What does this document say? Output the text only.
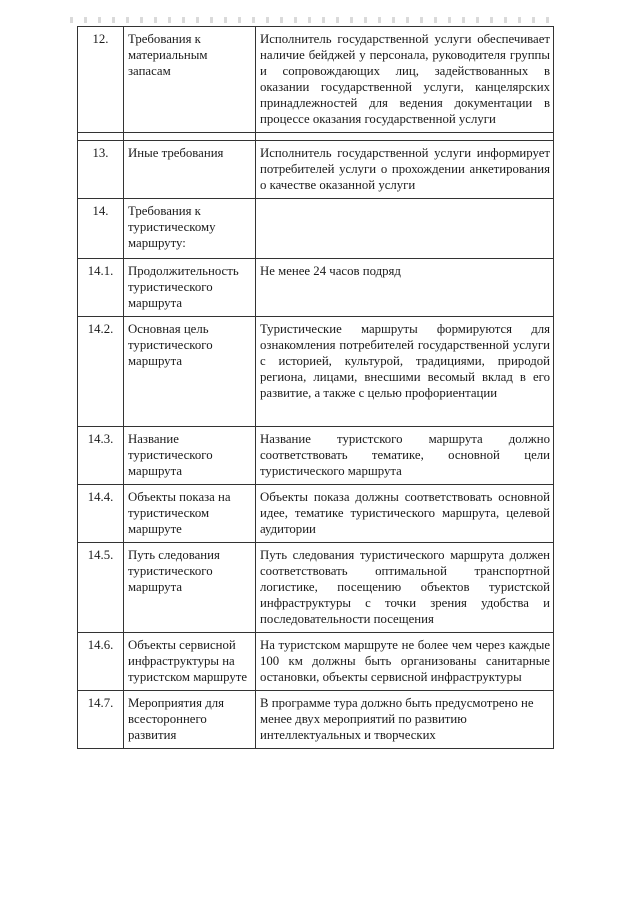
12.	Требования к материальным запасам	Исполнитель государственной услуги обеспечивает наличие бейджей у персонала, руководителя группы и сопровождающих лиц, задействованных в оказании государственной услуги, канцелярских принадлежностей для ведения документации в процессе оказания государственной услуги

13.	Иные требования	Исполнитель государственной услуги информирует потребителей услуги о прохождении анкетирования о качестве оказанной услуги
14.	Требования к туристическому маршруту:	
14.1.	Продолжительность туристического маршрута	Не менее 24 часов подряд
14.2.	Основная цель туристического маршрута	Туристические маршруты формируются для ознакомления потребителей государственной услуги с историей, культурой, традициями, природой региона, лицами, внесшими весомый вклад в его развитие, а также с целью профориентации
14.3.	Название туристического маршрута	Название туристского маршрута должно соответствовать тематике, основной цели туристического маршрута
14.4.	Объекты показа на туристическом маршруте	Объекты показа должны соответствовать основной идее, тематике туристического маршрута, целевой аудитории
14.5.	Путь следования туристического маршрута	Путь следования туристического маршрута должен соответствовать оптимальной транспортной логистике, посещению объектов туристской инфраструктуры с точки зрения удобства и последовательности посещения
14.6.	Объекты сервисной инфраструктуры на туристском маршруте	На туристском маршруте не более чем через каждые 100 км должны быть организованы санитарные остановки, объекты сервисной инфраструктуры
14.7.	Мероприятия для всестороннего развития	В программе тура должно быть предусмотрено не менее двух мероприятий по развитию интеллектуальных и творческих
